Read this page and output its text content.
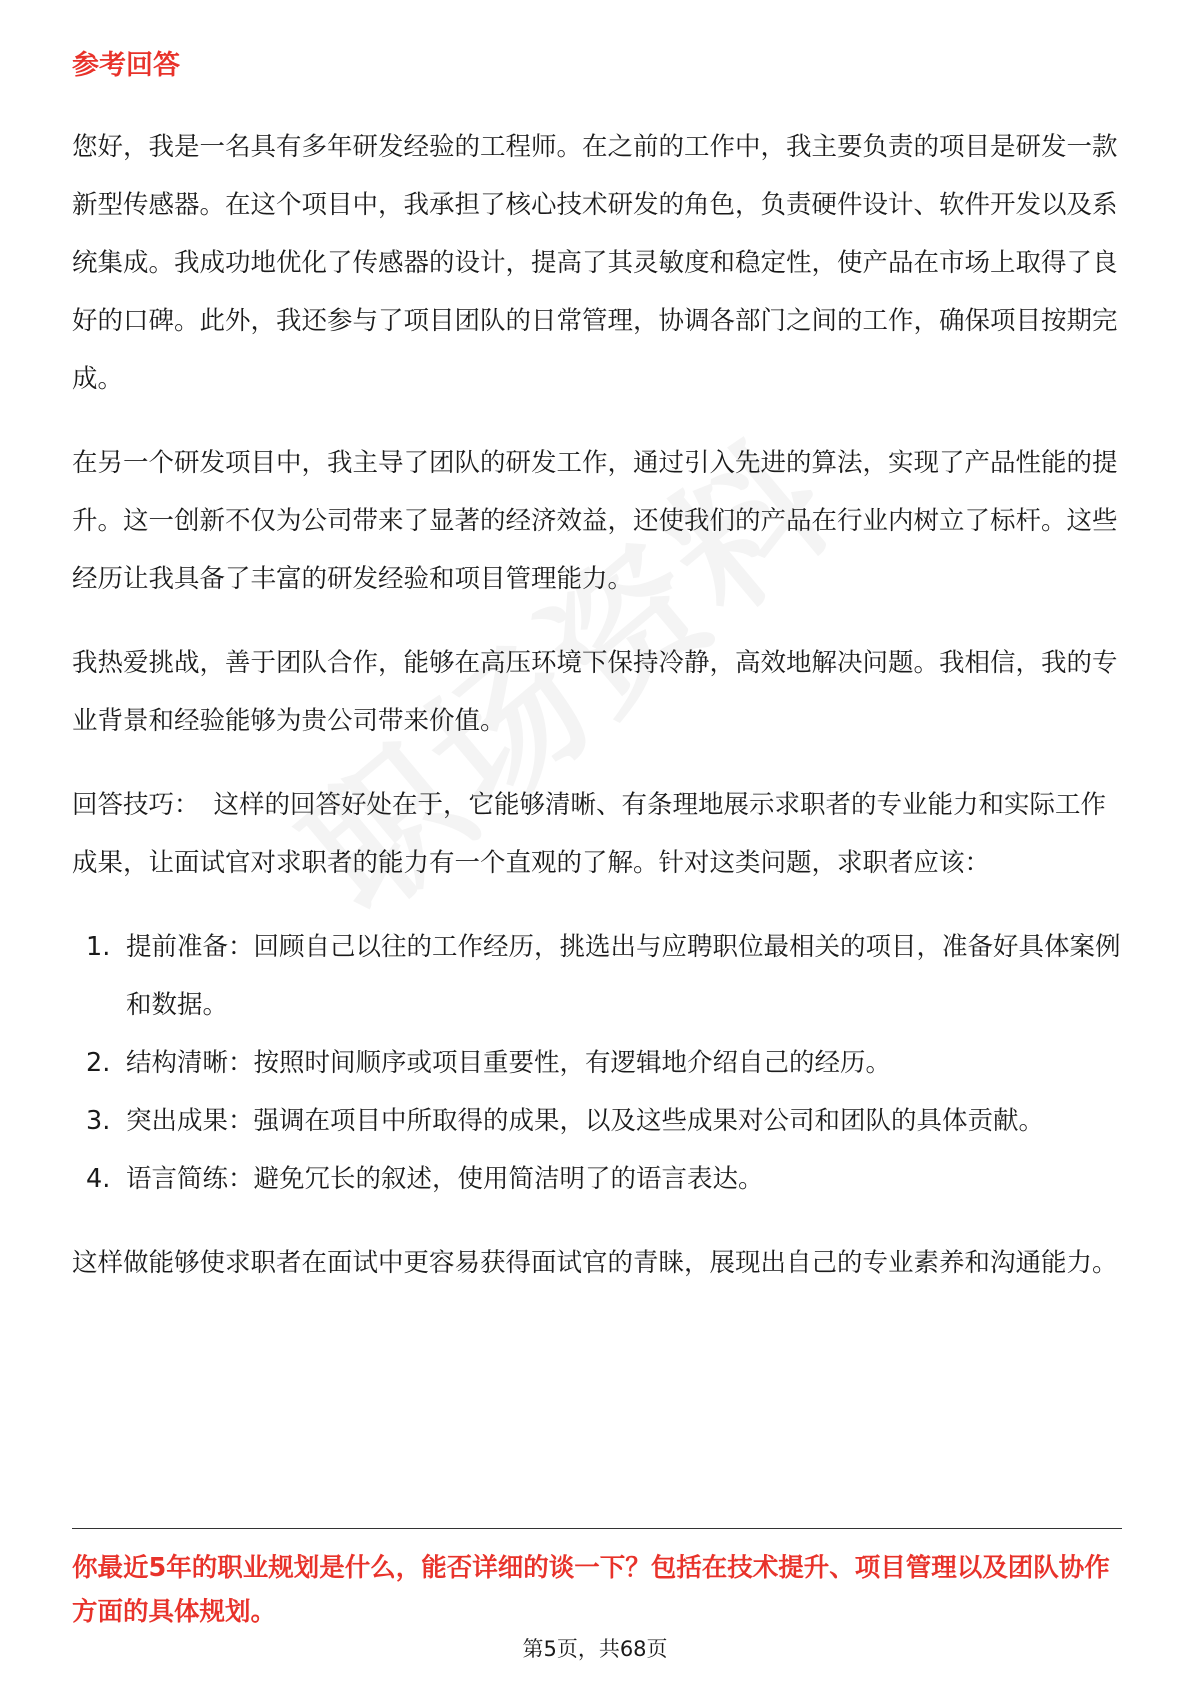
参考回答

您好，我是一名具有多年研发经验的工程师。在之前的工作中，我主要负责的项目是研发一款新型传感器。在这个项目中，我承担了核心技术研发的角色，负责硬件设计、软件开发以及系统集成。我成功地优化了传感器的设计，提高了其灵敏度和稳定性，使产品在市场上取得了良好的口碑。此外，我还参与了项目团队的日常管理，协调各部门之间的工作，确保项目按期完成。

在另一个研发项目中，我主导了团队的研发工作，通过引入先进的算法，实现了产品性能的提升。这一创新不仅为公司带来了显著的经济效益，还使我们的产品在行业内树立了标杆。这些经历让我具备了丰富的研发经验和项目管理能力。

我热爱挑战，善于团队合作，能够在高压环境下保持冷静，高效地解决问题。我相信，我的专业背景和经验能够为贵公司带来价值。

回答技巧： 这样的回答好处在于，它能够清晰、有条理地展示求职者的专业能力和实际工作成果，让面试官对求职者的能力有一个直观的了解。针对这类问题，求职者应该：

1. 提前准备：回顾自己以往的工作经历，挑选出与应聘职位最相关的项目，准备好具体案例和数据。
2. 结构清晰：按照时间顺序或项目重要性，有逻辑地介绍自己的经历。
3. 突出成果：强调在项目中所取得的成果，以及这些成果对公司和团队的具体贡献。
4. 语言简练：避免冗长的叙述，使用简洁明了的语言表达。

这样做能够使求职者在面试中更容易获得面试官的青睐，展现出自己的专业素养和沟通能力。

你最近5年的职业规划是什么，能否详细的谈一下？包括在技术提升、项目管理以及团队协作方面的具体规划。
第5页，共68页
